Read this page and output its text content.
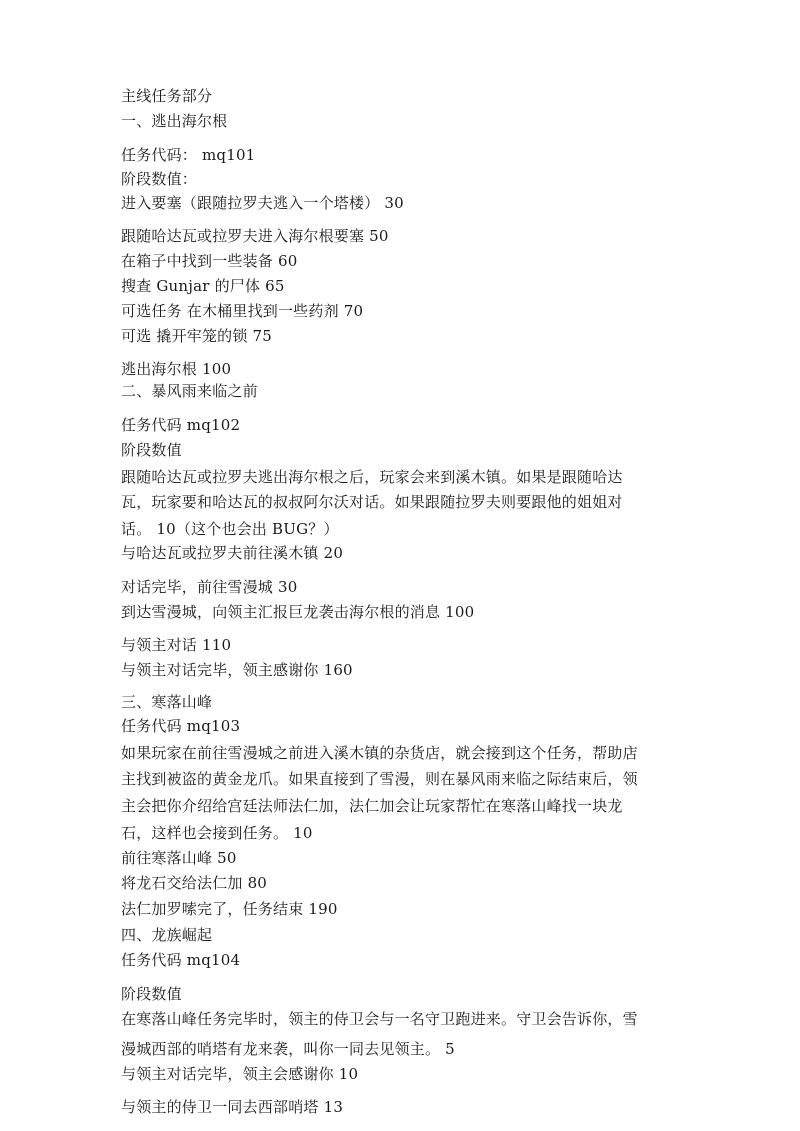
主线任务部分
一、逃出海尔根
任务代码： mq101
阶段数值：
进入要塞（跟随拉罗夫逃入一个塔楼） 30
跟随哈达瓦或拉罗夫进入海尔根要塞 50
在箱子中找到一些装备 60
搜查 Gunjar 的尸体 65
可选任务 在木桶里找到一些药剂 70
可选 撬开牢笼的锁 75
逃出海尔根 100
二、暴风雨来临之前
任务代码 mq102
阶段数值
跟随哈达瓦或拉罗夫逃出海尔根之后，玩家会来到溪木镇。如果是跟随哈达
瓦，玩家要和哈达瓦的叔叔阿尔沃对话。如果跟随拉罗夫则要跟他的姐姐对
话。 10（这个也会出 BUG？）
与哈达瓦或拉罗夫前往溪木镇 20
对话完毕，前往雪漫城 30
到达雪漫城，向领主汇报巨龙袭击海尔根的消息 100
与领主对话 110
与领主对话完毕，领主感谢你 160
三、寒落山峰
任务代码 mq103
如果玩家在前往雪漫城之前进入溪木镇的杂货店，就会接到这个任务，帮助店
主找到被盗的黄金龙爪。如果直接到了雪漫，则在暴风雨来临之际结束后，领
主会把你介绍给宫廷法师法仁加，法仁加会让玩家帮忙在寒落山峰找一块龙
石，这样也会接到任务。 10
前往寒落山峰 50
将龙石交给法仁加 80
法仁加罗嗦完了，任务结束 190
四、龙族崛起
任务代码 mq104
阶段数值
在寒落山峰任务完毕时，领主的侍卫会与一名守卫跑进来。守卫会告诉你，雪
漫城西部的哨塔有龙来袭，叫你一同去见领主。 5
与领主对话完毕，领主会感谢你 10
与领主的侍卫一同去西部哨塔 13
